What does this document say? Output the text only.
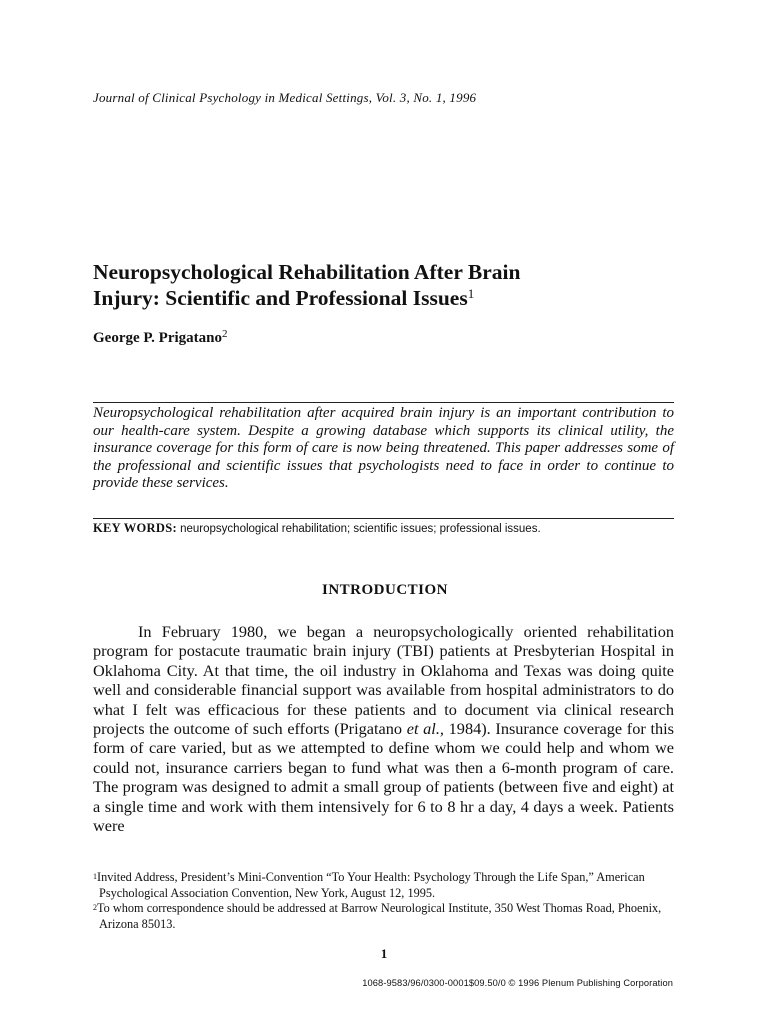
Journal of Clinical Psychology in Medical Settings, Vol. 3, No. 1, 1996
Neuropsychological Rehabilitation After Brain
Injury: Scientific and Professional Issues$^1$
George P. Prigatano$^2$

Neuropsychological rehabilitation after acquired brain injury is an important contribution to our health-care system. Despite a growing database which supports its clinical utility, the insurance coverage for this form of care is now being threatened. This paper addresses some of the professional and scientific issues that psychologists need to face in order to continue to provide these services.

KEY WORDS: neuropsychological rehabilitation; scientific issues; professional issues.
INTRODUCTION

In February 1980, we began a neuropsychologically oriented rehabilitation program for postacute traumatic brain injury (TBI) patients at Presbyterian Hospital in Oklahoma City. At that time, the oil industry in Oklahoma and Texas was doing quite well and considerable financial support was available from hospital administrators to do what I felt was efficacious for these patients and to document via clinical research projects the outcome of such efforts (Prigatano et al., 1984). Insurance coverage for this form of care varied, but as we attempted to define whom we could help and whom we could not, insurance carriers began to fund what was then a 6-month program of care. The program was designed to admit a small group of patients (between five and eight) at a single time and work with them intensively for 6 to 8 hr a day, 4 days a week. Patients were

$^1$Invited Address, President’s Mini-Convention “To Your Health: Psychology Through the Life Span,” American Psychological Association Convention, New York, August 12, 1995.
$^2$To whom correspondence should be addressed at Barrow Neurological Institute, 350 West Thomas Road, Phoenix, Arizona 85013.
1
1068-9583/96/0300-0001$09.50/0 © 1996 Plenum Publishing Corporation
